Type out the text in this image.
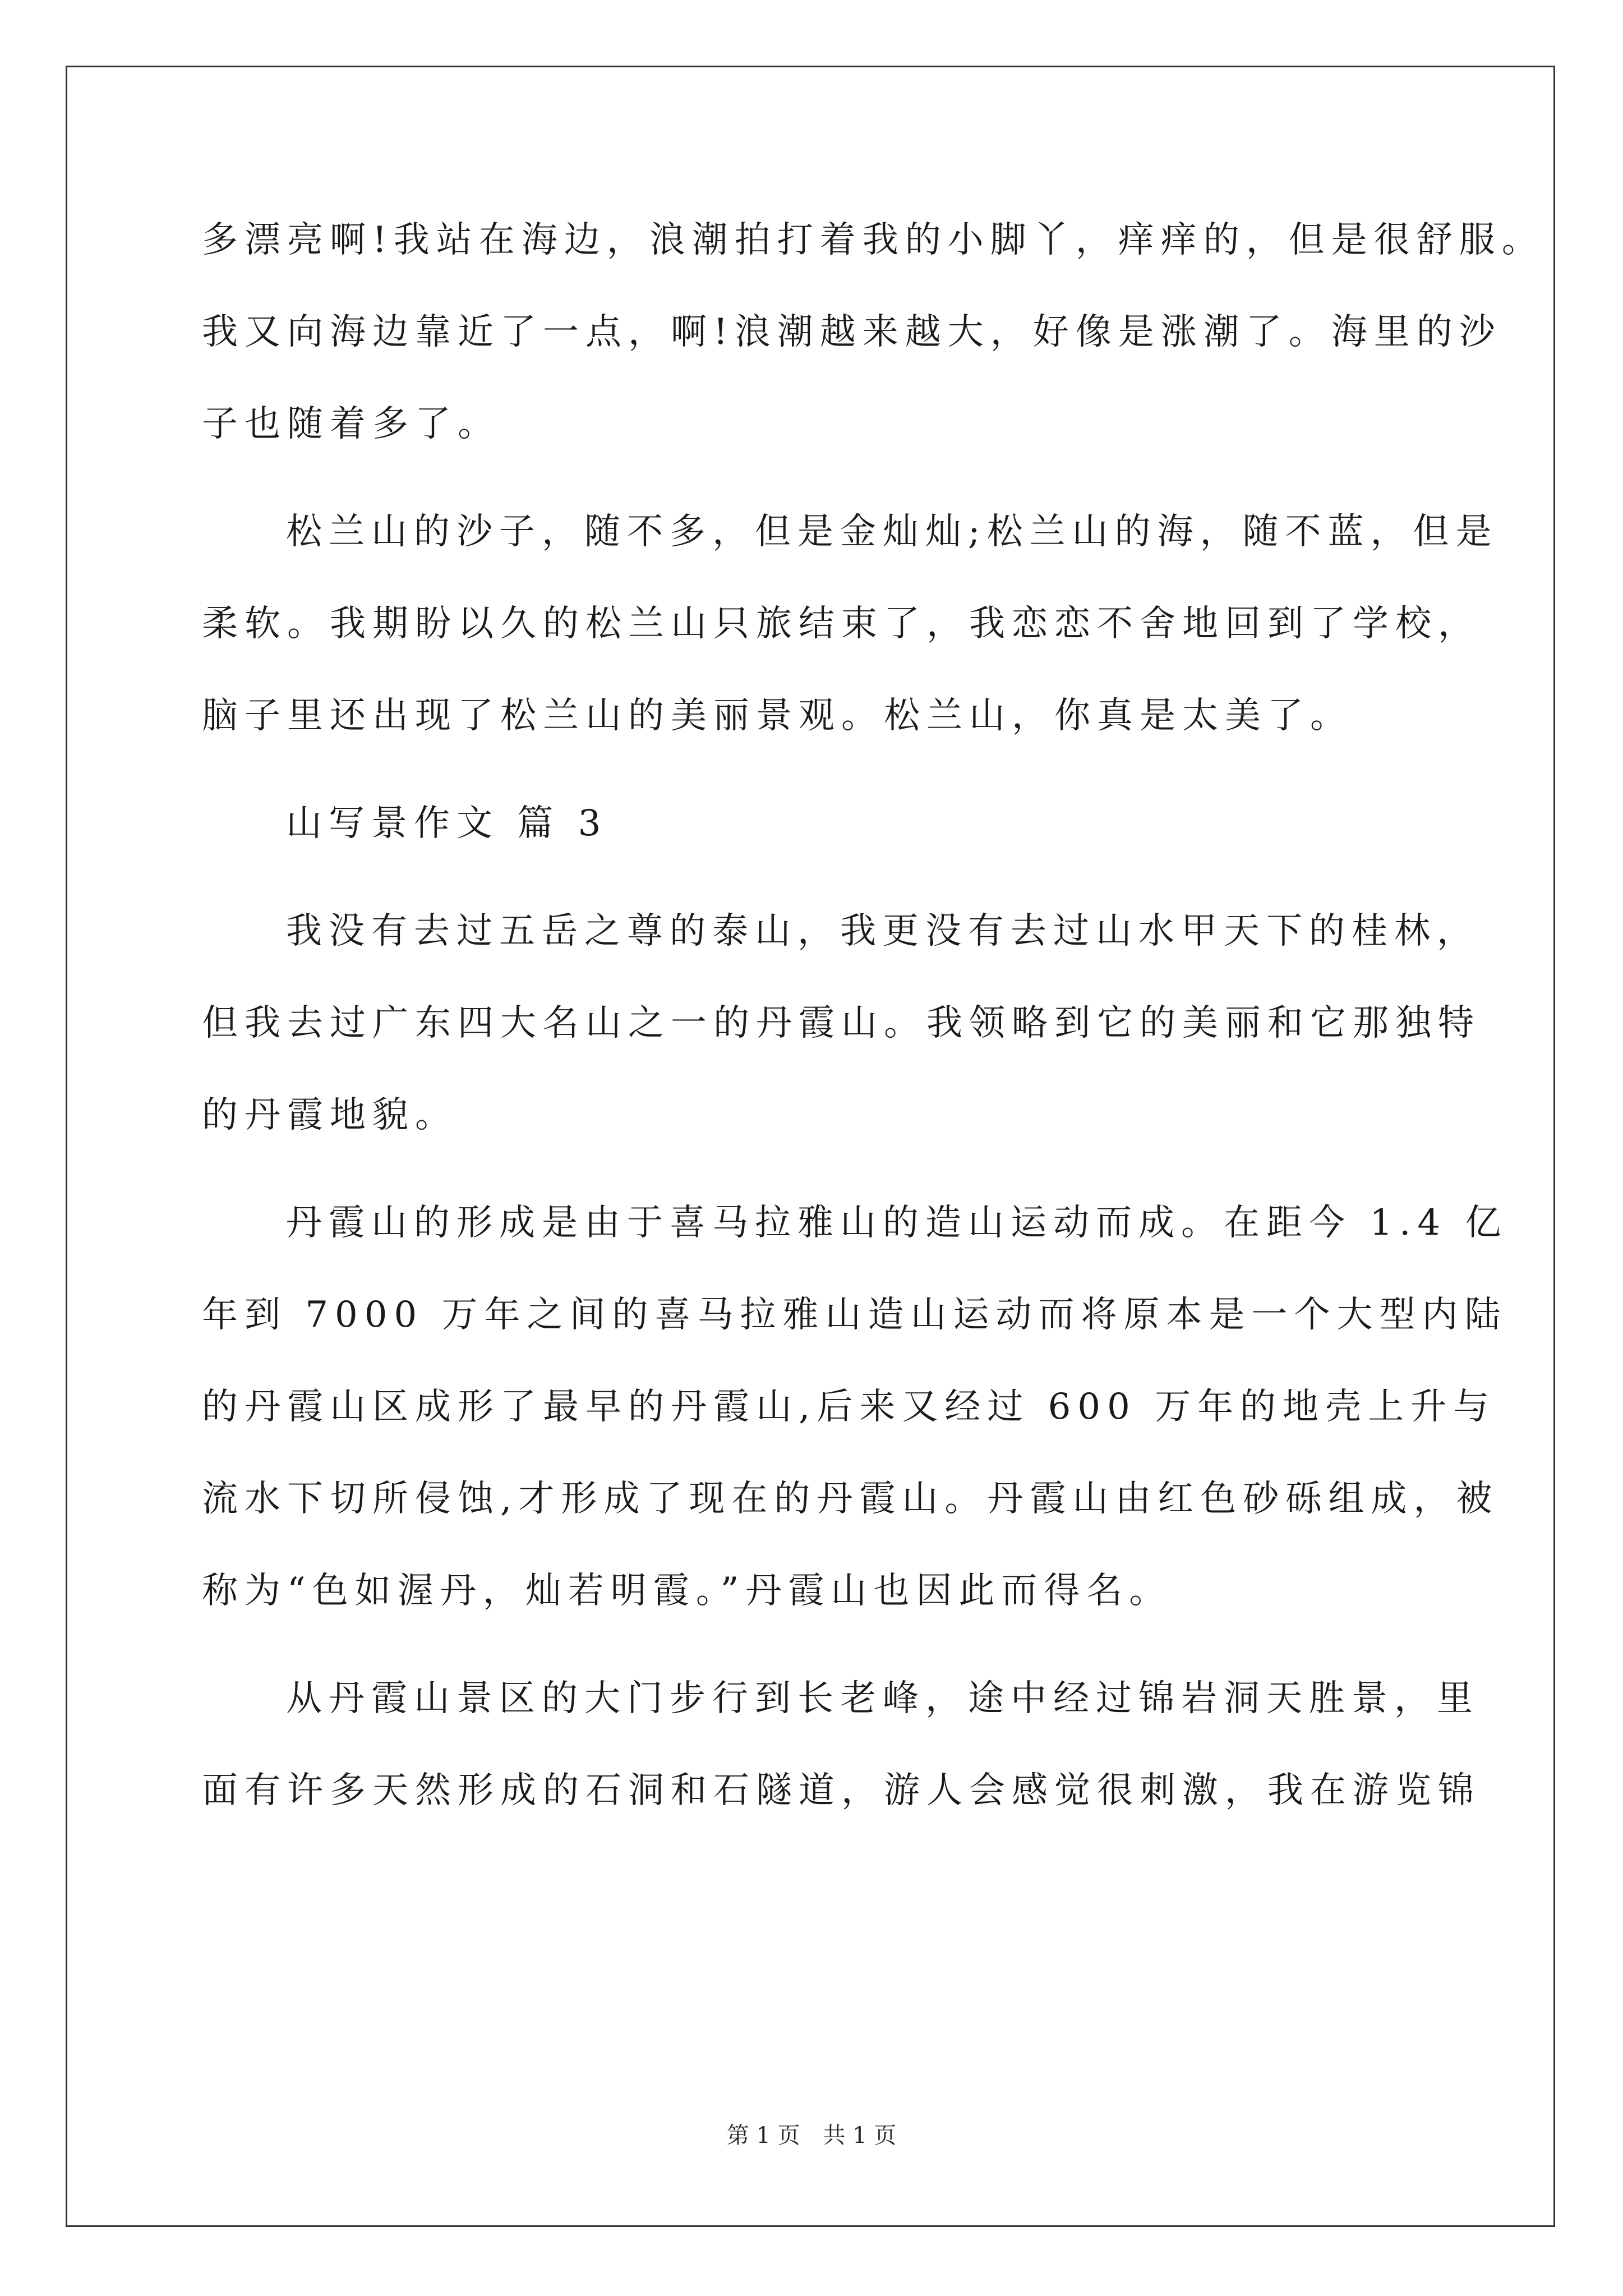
多漂亮啊!我站在海边，浪潮拍打着我的小脚丫，痒痒的，但是很舒服。
我又向海边靠近了一点，啊!浪潮越来越大，好像是涨潮了。海里的沙
子也随着多了。
松兰山的沙子，随不多，但是金灿灿;松兰山的海，随不蓝，但是
柔软。我期盼以久的松兰山只旅结束了，我恋恋不舍地回到了学校，
脑子里还出现了松兰山的美丽景观。松兰山，你真是太美了。
山写景作文 篇 3
我没有去过五岳之尊的泰山，我更没有去过山水甲天下的桂林，
但我去过广东四大名山之一的丹霞山。我领略到它的美丽和它那独特
的丹霞地貌。
丹霞山的形成是由于喜马拉雅山的造山运动而成。在距今 1.4 亿
年到 7000 万年之间的喜马拉雅山造山运动而将原本是一个大型内陆
的丹霞山区成形了最早的丹霞山,后来又经过 600 万年的地壳上升与
流水下切所侵蚀,才形成了现在的丹霞山。丹霞山由红色砂砾组成，被
称为“色如渥丹，灿若明霞。”丹霞山也因此而得名。
从丹霞山景区的大门步行到长老峰，途中经过锦岩洞天胜景，里
面有许多天然形成的石洞和石隧道，游人会感觉很刺激，我在游览锦
第 1 页 共 1 页
